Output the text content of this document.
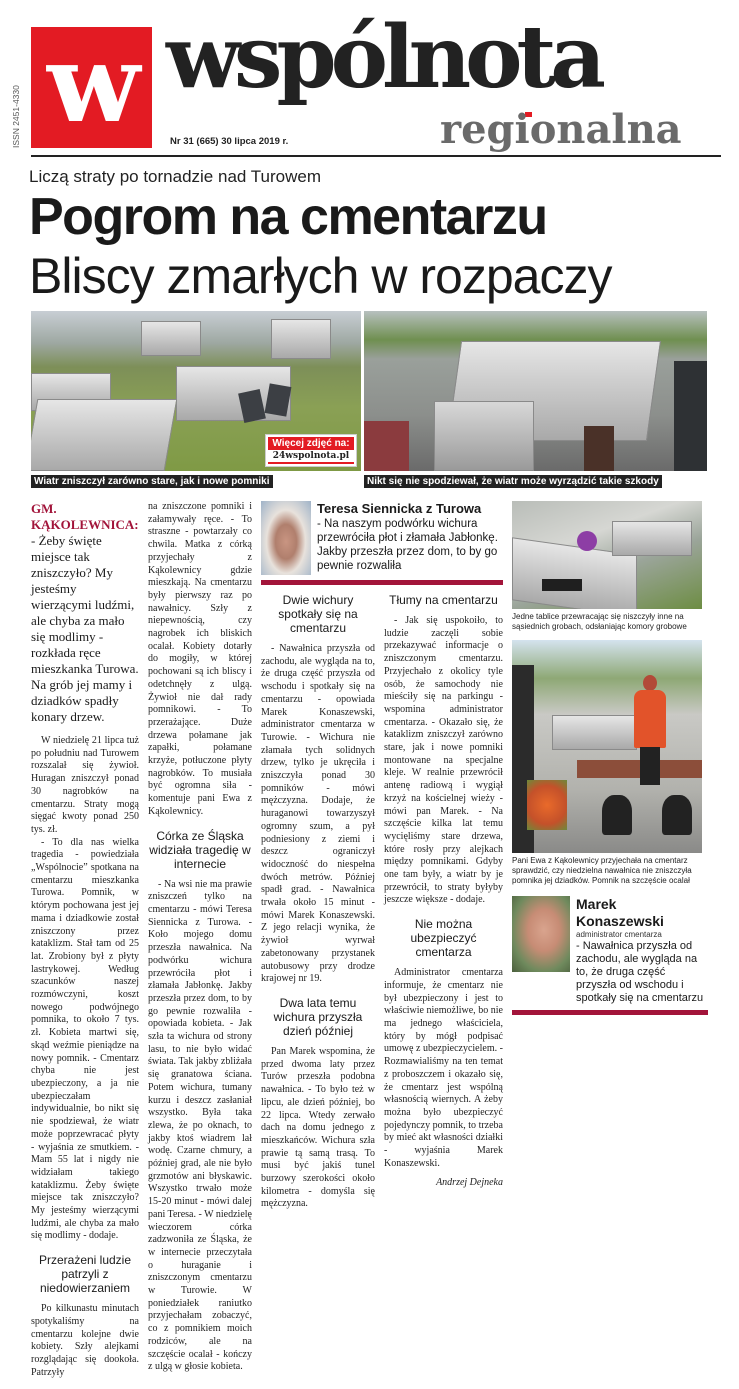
w
ISSN 2451-4330
wspólnota
regionalna
Nr 31 (665) 30 lipca 2019 r.
Liczą straty po tornadzie nad Turowem
Pogrom na cmentarzu
Bliscy zmarłych w rozpaczy
Więcej zdjęć na:
24wspolnota.pl
Wiatr zniszczył zarówno stare, jak i nowe pomniki	Nikt się nie spodziewał, że wiatr może wyrządzić takie szkody
GM. KĄKOLEWNICA: - Żeby święte miejsce tak zniszczyło? My jesteśmy wierzącymi ludźmi, ale chyba za mało się modlimy - rozkłada ręce mieszkanka Turowa. Na grób jej mamy i dziadków spadły konary drzew.

W niedzielę 21 lipca tuż po południu nad Turowem rozszalał się żywioł. Huragan zniszczył ponad 30 nagrobków na cmentarzu. Straty mogą sięgać kwoty ponad 250 tys. zł.

- To dla nas wielka tragedia - powiedziała „Wspólnocie” spotkana na cmentarzu mieszkanka Turowa. Pomnik, w którym pochowana jest jej mama i dziadkowie został zniszczony przez kataklizm. Stał tam od 25 lat. Zrobiony był z płyty lastrykowej. Według szacunków naszej rozmówczyni, koszt nowego podwójnego pomnika, to około 7 tys. zł. Kobieta martwi się, skąd weźmie pieniądze na nowy pomnik. - Cmentarz chyba nie jest ubezpieczony, a ja nie ubezpieczałam indywidualnie, bo nikt się nie spodziewał, że wiatr może poprzewracać płyty - wyjaśnia ze smutkiem. - Mam 55 lat i nigdy nie widziałam takiego kataklizmu. Żeby święte miejsce tak zniszczyło? My jesteśmy wierzącymi ludźmi, ale chyba za mało się modlimy - dodaje.

Przerażeni ludzie patrzyli z niedowierzaniem

Po kilkunastu minutach spotykaliśmy na cmentarzu kolejne dwie kobiety. Szły alejkami rozglądając się dookoła. Patrzyły

na zniszczone pomniki i załamywały ręce. - To straszne - powtarzały co chwila. Matka z córką przyjechały z Kąkolewnicy gdzie mieszkają. Na cmentarzu były pierwszy raz po nawałnicy. Szły z niepewnością, czy nagrobek ich bliskich ocalał. Kobiety dotarły do mogiły, w której pochowani są ich bliscy i odetchnęły z ulgą. Żywioł nie dał rady pomnikowi. - To przerażające. Duże drzewa połamane jak zapałki, połamane krzyże, potłuczone płyty nagrobków. To musiała być ogromna siła - komentuje pani Ewa z Kąkolewnicy.

Córka ze Śląska widziała tragedię w internecie

- Na wsi nie ma prawie zniszczeń tylko na cmentarzu - mówi Teresa Siennicka z Turowa. - Koło mojego domu przeszła nawałnica. Na podwórku wichura przewróciła płot i złamała Jabłonkę. Jakby przeszła przez dom, to by go pewnie rozwaliła - opowiada kobieta. - Jak szła ta wichura od strony lasu, to nie było widać świata. Tak jakby zbliżała się granatowa ściana. Potem wichura, tumany kurzu i deszcz zasłaniał wszystko. Była taka zlewa, że po oknach, to jakby ktoś wiadrem lał wodę. Czarne chmury, a później grad, ale nie było grzmotów ani błyskawic. Wszystko trwało może 15-20 minut - mówi dalej pani Teresa. - W niedzielę wieczorem córka zadzwoniła ze Śląska, że w internecie przeczytała o huraganie i zniszczonym cmentarzu w Turowie. W poniedziałek raniutko przyjechałam zobaczyć, co z pomnikiem moich rodziców, ale na szczęście ocalał - kończy z ulgą w głosie kobieta.

Teresa Siennicka z Turowa
- Na naszym podwórku wichura przewróciła płot i złamała Jabłonkę. Jakby przeszła przez dom, to by go pewnie rozwaliła
Dwie wichury spotkały się na cmentarzu

- Nawałnica przyszła od zachodu, ale wygląda na to, że druga część przyszła od wschodu i spotkały się na cmentarzu - opowiada Marek Konaszewski, administrator cmentarza w Turowie. - Wichura nie złamała tych solidnych drzew, tylko je ukręciła i zniszczyła ponad 30 pomników - mówi mężczyzna. Dodaje, że huraganowi towarzyszył ogromny szum, a pył podniesiony z ziemi i deszcz ograniczył widoczność do niespełna dwóch metrów. Później spadł grad. - Nawałnica trwała około 15 minut - mówi Marek Konaszewski. Z jego relacji wynika, że żywioł wyrwał zabetonowany przystanek autobusowy przy drodze krajowej nr 19.

Dwa lata temu wichura przyszła dzień później

Pan Marek wspomina, że przed dwoma laty przez Turów przeszła podobna nawałnica. - To było też w lipcu, ale dzień później, bo 22 lipca. Wtedy zerwało dach na domu jednego z mieszkańców. Wichura szła prawie tą samą trasą. To musi być jakiś tunel burzowy szerokości około kilometra - domyśla się mężczyzna.

Tłumy na cmentarzu

- Jak się uspokoiło, to ludzie zaczęli sobie przekazywać informacje o zniszczonym cmentarzu. Przyjechało z okolicy tyle osób, że samochody nie mieściły się na parkingu - wspomina administrator cmentarza. - Okazało się, że kataklizm zniszczył zarówno stare, jak i nowe pomniki montowane na specjalne kleje. W realnie przewrócił antenę radiową i wygiął krzyż na kościelnej wieży - mówi pan Marek. - Na szczęście kilka lat temu wycięliśmy stare drzewa, które rosły przy alejkach między pomnikami. Gdyby one tam były, a wiatr by je przewrócił, to straty byłyby jeszcze większe - dodaje.

Nie można ubezpieczyć cmentarza

Administrator cmentarza informuje, że cmentarz nie był ubezpieczony i jest to właściwie niemożliwe, bo nie ma jednego właściciela, który by mógł podpisać umowę z ubezpieczycielem. - Rozmawialiśmy na ten temat z proboszczem i okazało się, że cmentarz jest wspólną własnością wiernych. A żeby można było ubezpieczyć pojedynczy pomnik, to trzeba by mieć akt własności działki - wyjaśnia Marek Konaszewski.

Andrzej Dejneka
Jedne tablice przewracając się niszczyły inne na sąsiednich grobach, odsłaniając komory grobowe
Pani Ewa z Kąkolewnicy przyjechała na cmentarz sprawdzić, czy niedzielna nawałnica nie zniszczyła pomnika jej dziadków. Pomnik na szczęście ocalał
Marek Konaszewski
administrator cmentarza
- Nawałnica przyszła od zachodu, ale wygląda na to, że druga część przyszła od wschodu i spotkały się na cmentarzu
